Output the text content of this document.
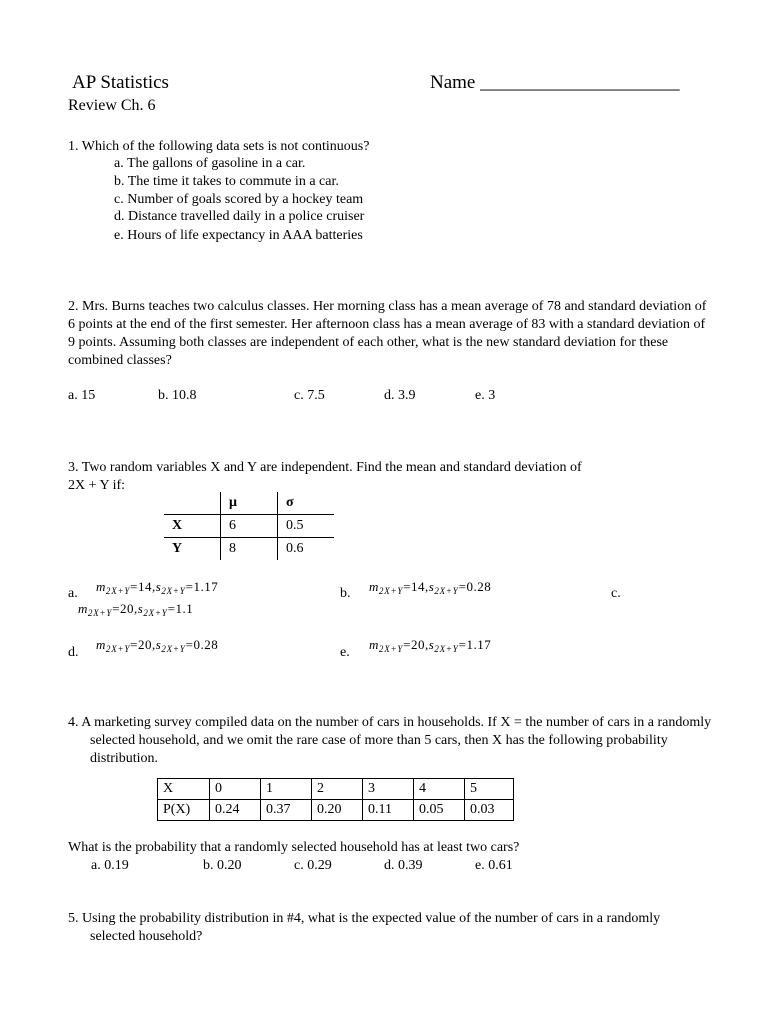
AP Statistics	Name _____________________
Review Ch. 6
1. Which of the following data sets is not continuous?
a. The gallons of gasoline in a car.
b. The time it takes to commute in a car.
c. Number of goals scored by a hockey team
d. Distance travelled daily in a police cruiser
e. Hours of life expectancy in AAA batteries
2. Mrs. Burns teaches two calculus classes. Her morning class has a mean average of 78 and standard deviation of 6 points at the end of the first semester. Her afternoon class has a mean average of 83 with a standard deviation of 9 points. Assuming both classes are independent of each other, what is the new standard deviation for these combined classes?
a. 15	b. 10.8	c. 7.5	d. 3.9	e. 3
3. Two random variables X and Y are independent. Find the mean and standard deviation of
2X + Y if:
	μ	σ
X	6	0.5
Y	8	0.6
a. $m_{2X+Y}=14,s_{2X+Y}=1.17$
$m_{2X+Y}=20,s_{2X+Y}=1.1$
b. $m_{2X+Y}=14,s_{2X+Y}=0.28$	c.
d.
$m_{2X+Y}=20,s_{2X+Y}=0.28$
e.
$m_{2X+Y}=20,s_{2X+Y}=1.17$
4. A marketing survey compiled data on the number of cars in households. If X = the number of cars in a randomly selected household, and we omit the rare case of more than 5 cars, then X has the following probability distribution.
X	0	1	2	3	4	5
P(X)	0.24	0.37	0.20	0.11	0.05	0.03
What is the probability that a randomly selected household has at least two cars?
a. 0.19	b. 0.20	c. 0.29	d. 0.39	e. 0.61
5. Using the probability distribution in #4, what is the expected value of the number of cars in a randomly selected household?
